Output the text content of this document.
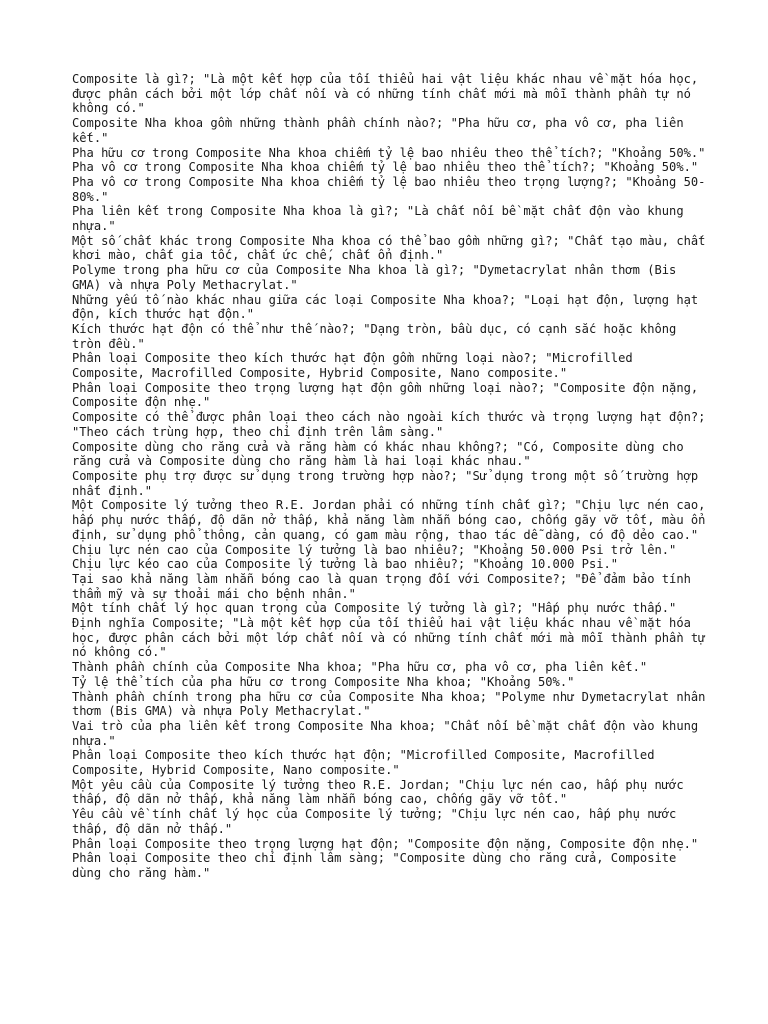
Composite là gì?; "Là một kết hợp của tối thiểu hai vật liệu khác nhau về mặt hóa học, được phân cách bởi một lớp chất nối và có những tính chất mới mà mỗi thành phần tự nó không có."

Composite Nha khoa gồm những thành phần chính nào?; "Pha hữu cơ, pha vô cơ, pha liên kết."

Pha hữu cơ trong Composite Nha khoa chiếm tỷ lệ bao nhiêu theo thể tích?; "Khoảng 50%."

Pha vô cơ trong Composite Nha khoa chiếm tỷ lệ bao nhiêu theo thể tích?; "Khoảng 50%."

Pha vô cơ trong Composite Nha khoa chiếm tỷ lệ bao nhiêu theo trọng lượng?; "Khoảng 50-80%."

Pha liên kết trong Composite Nha khoa là gì?; "Là chất nối bề mặt chất độn vào khung nhựa."

Một số chất khác trong Composite Nha khoa có thể bao gồm những gì?; "Chất tạo màu, chất khơi mào, chất gia tốc, chất ức chế, chất ổn định."

Polyme trong pha hữu cơ của Composite Nha khoa là gì?; "Dymetacrylat nhân thơm (Bis GMA) và nhựa Poly Methacrylat."

Những yếu tố nào khác nhau giữa các loại Composite Nha khoa?; "Loại hạt độn, lượng hạt độn, kích thước hạt độn."

Kích thước hạt độn có thể như thế nào?; "Dạng tròn, bầu dục, có cạnh sắc hoặc không tròn đều."

Phân loại Composite theo kích thước hạt độn gồm những loại nào?; "Microfilled Composite, Macrofilled Composite, Hybrid Composite, Nano composite."

Phân loại Composite theo trọng lượng hạt độn gồm những loại nào?; "Composite độn nặng, Composite độn nhẹ."

Composite có thể được phân loại theo cách nào ngoài kích thước và trọng lượng hạt độn?; "Theo cách trùng hợp, theo chỉ định trên lâm sàng."

Composite dùng cho răng cửa và răng hàm có khác nhau không?; "Có, Composite dùng cho răng cửa và Composite dùng cho răng hàm là hai loại khác nhau."

Composite phụ trợ được sử dụng trong trường hợp nào?; "Sử dụng trong một số trường hợp nhất định."

Một Composite lý tưởng theo R.E. Jordan phải có những tính chất gì?; "Chịu lực nén cao, hấp phụ nước thấp, độ dãn nở thấp, khả năng làm nhẵn bóng cao, chống gãy vỡ tốt, màu ổn định, sử dụng phổ thông, cản quang, có gam màu rộng, thao tác dễ dàng, có độ dẻo cao."

Chịu lực nén cao của Composite lý tưởng là bao nhiêu?; "Khoảng 50.000 Psi trở lên."

Chịu lực kéo cao của Composite lý tưởng là bao nhiêu?; "Khoảng 10.000 Psi."

Tại sao khả năng làm nhẵn bóng cao là quan trọng đối với Composite?; "Để đảm bảo tính thẩm mỹ và sự thoải mái cho bệnh nhân."

Một tính chất lý học quan trọng của Composite lý tưởng là gì?; "Hấp phụ nước thấp."

Định nghĩa Composite; "Là một kết hợp của tối thiểu hai vật liệu khác nhau về mặt hóa học, được phân cách bởi một lớp chất nối và có những tính chất mới mà mỗi thành phần tự nó không có."

Thành phần chính của Composite Nha khoa; "Pha hữu cơ, pha vô cơ, pha liên kết."

Tỷ lệ thể tích của pha hữu cơ trong Composite Nha khoa; "Khoảng 50%."

Thành phần chính trong pha hữu cơ của Composite Nha khoa; "Polyme như Dymetacrylat nhân thơm (Bis GMA) và nhựa Poly Methacrylat."

Vai trò của pha liên kết trong Composite Nha khoa; "Chất nối bề mặt chất độn vào khung nhựa."

Phân loại Composite theo kích thước hạt độn; "Microfilled Composite, Macrofilled Composite, Hybrid Composite, Nano composite."

Một yêu cầu của Composite lý tưởng theo R.E. Jordan; "Chịu lực nén cao, hấp phụ nước thấp, độ dãn nở thấp, khả năng làm nhẵn bóng cao, chống gãy vỡ tốt."

Yêu cầu về tính chất lý học của Composite lý tưởng; "Chịu lực nén cao, hấp phụ nước thấp, độ dãn nở thấp."

Phân loại Composite theo trọng lượng hạt độn; "Composite độn nặng, Composite độn nhẹ."

Phân loại Composite theo chỉ định lâm sàng; "Composite dùng cho răng cửa, Composite dùng cho răng hàm."
